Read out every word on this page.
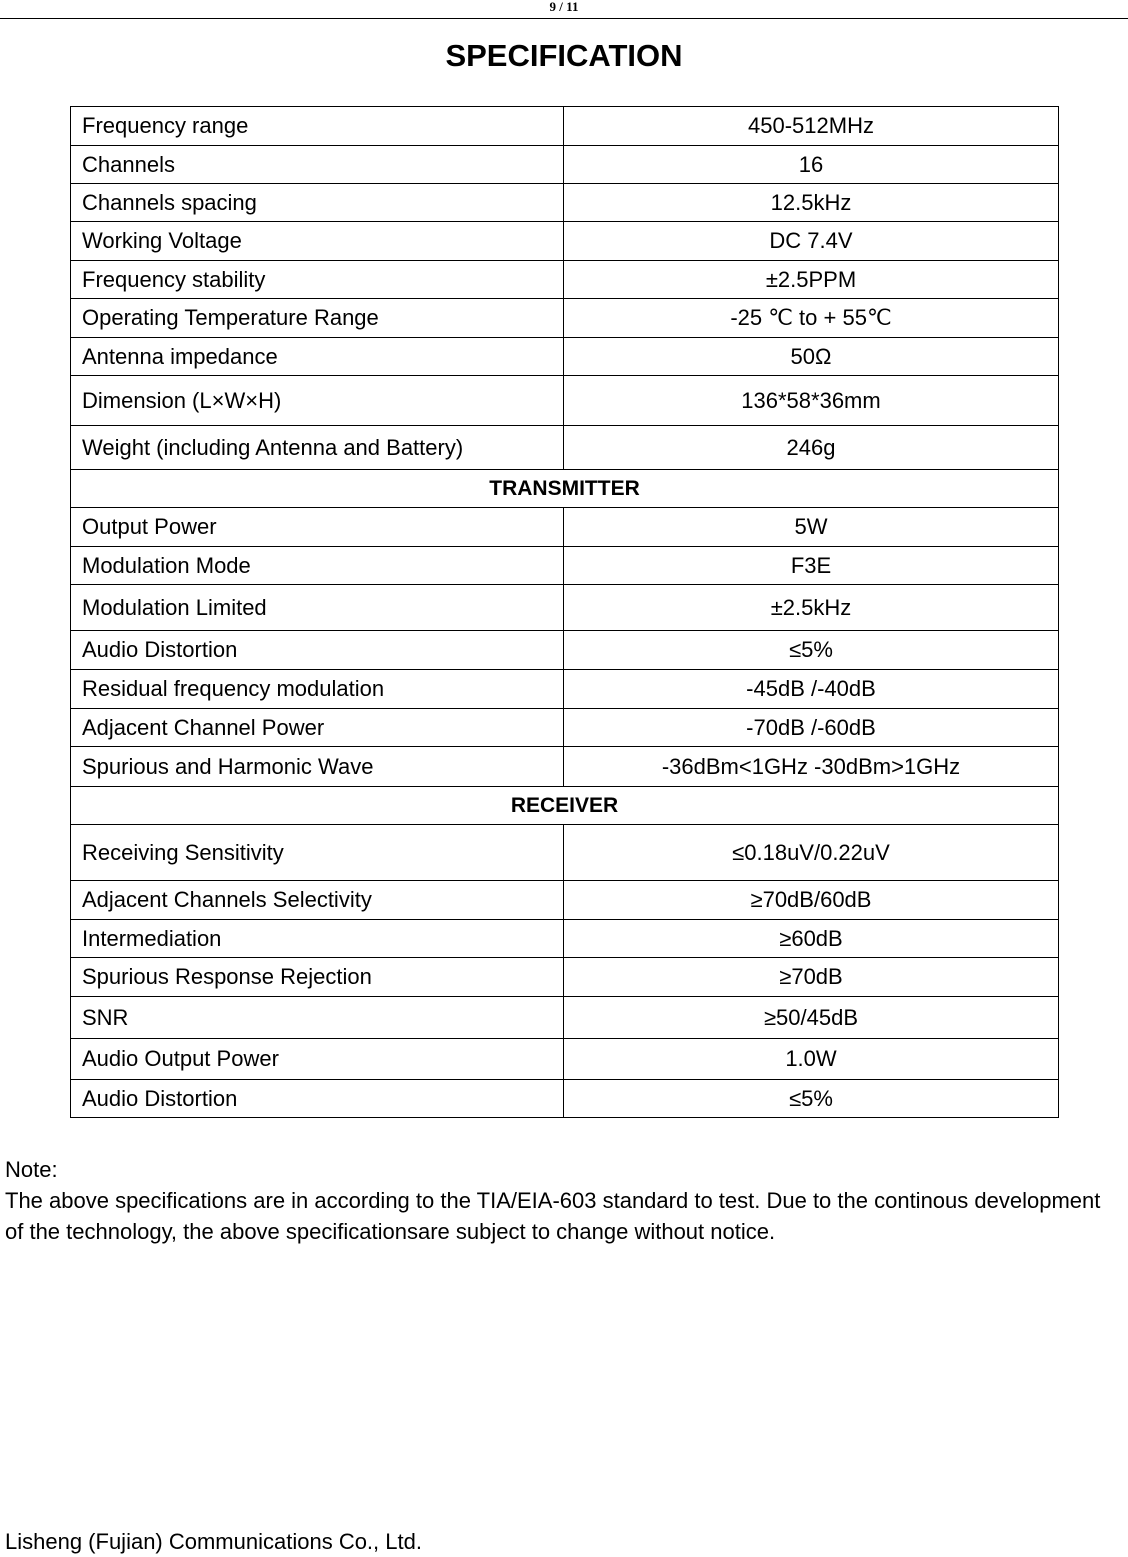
9 / 11
SPECIFICATION
Frequency range	450-512MHz
Channels	16
Channels spacing	12.5kHz
Working Voltage	DC 7.4V
Frequency stability	±2.5PPM
Operating Temperature Range	-25 ℃ to + 55℃
Antenna impedance	50Ω
Dimension (L×W×H)	136*58*36mm
Weight (including Antenna and Battery)	246g
TRANSMITTER	
Output Power	5W
Modulation Mode	F3E
Modulation Limited	±2.5kHz
Audio Distortion	≤5%
Residual frequency modulation	-45dB /-40dB
Adjacent Channel Power	-70dB /-60dB
Spurious and Harmonic Wave	-36dBm<1GHz -30dBm>1GHz
RECEIVER	
Receiving Sensitivity	≤0.18uV/0.22uV
Adjacent Channels Selectivity	≥70dB/60dB
Intermediation	≥60dB
Spurious Response Rejection	≥70dB
SNR	≥50/45dB
Audio Output Power	1.0W
Audio Distortion	≤5%

Note:

The above specifications are in according to the TIA/EIA-603 standard to test. Due to the continous development of the technology, the above specificationsare subject to change without notice.

Lisheng (Fujian) Communications Co., Ltd.
